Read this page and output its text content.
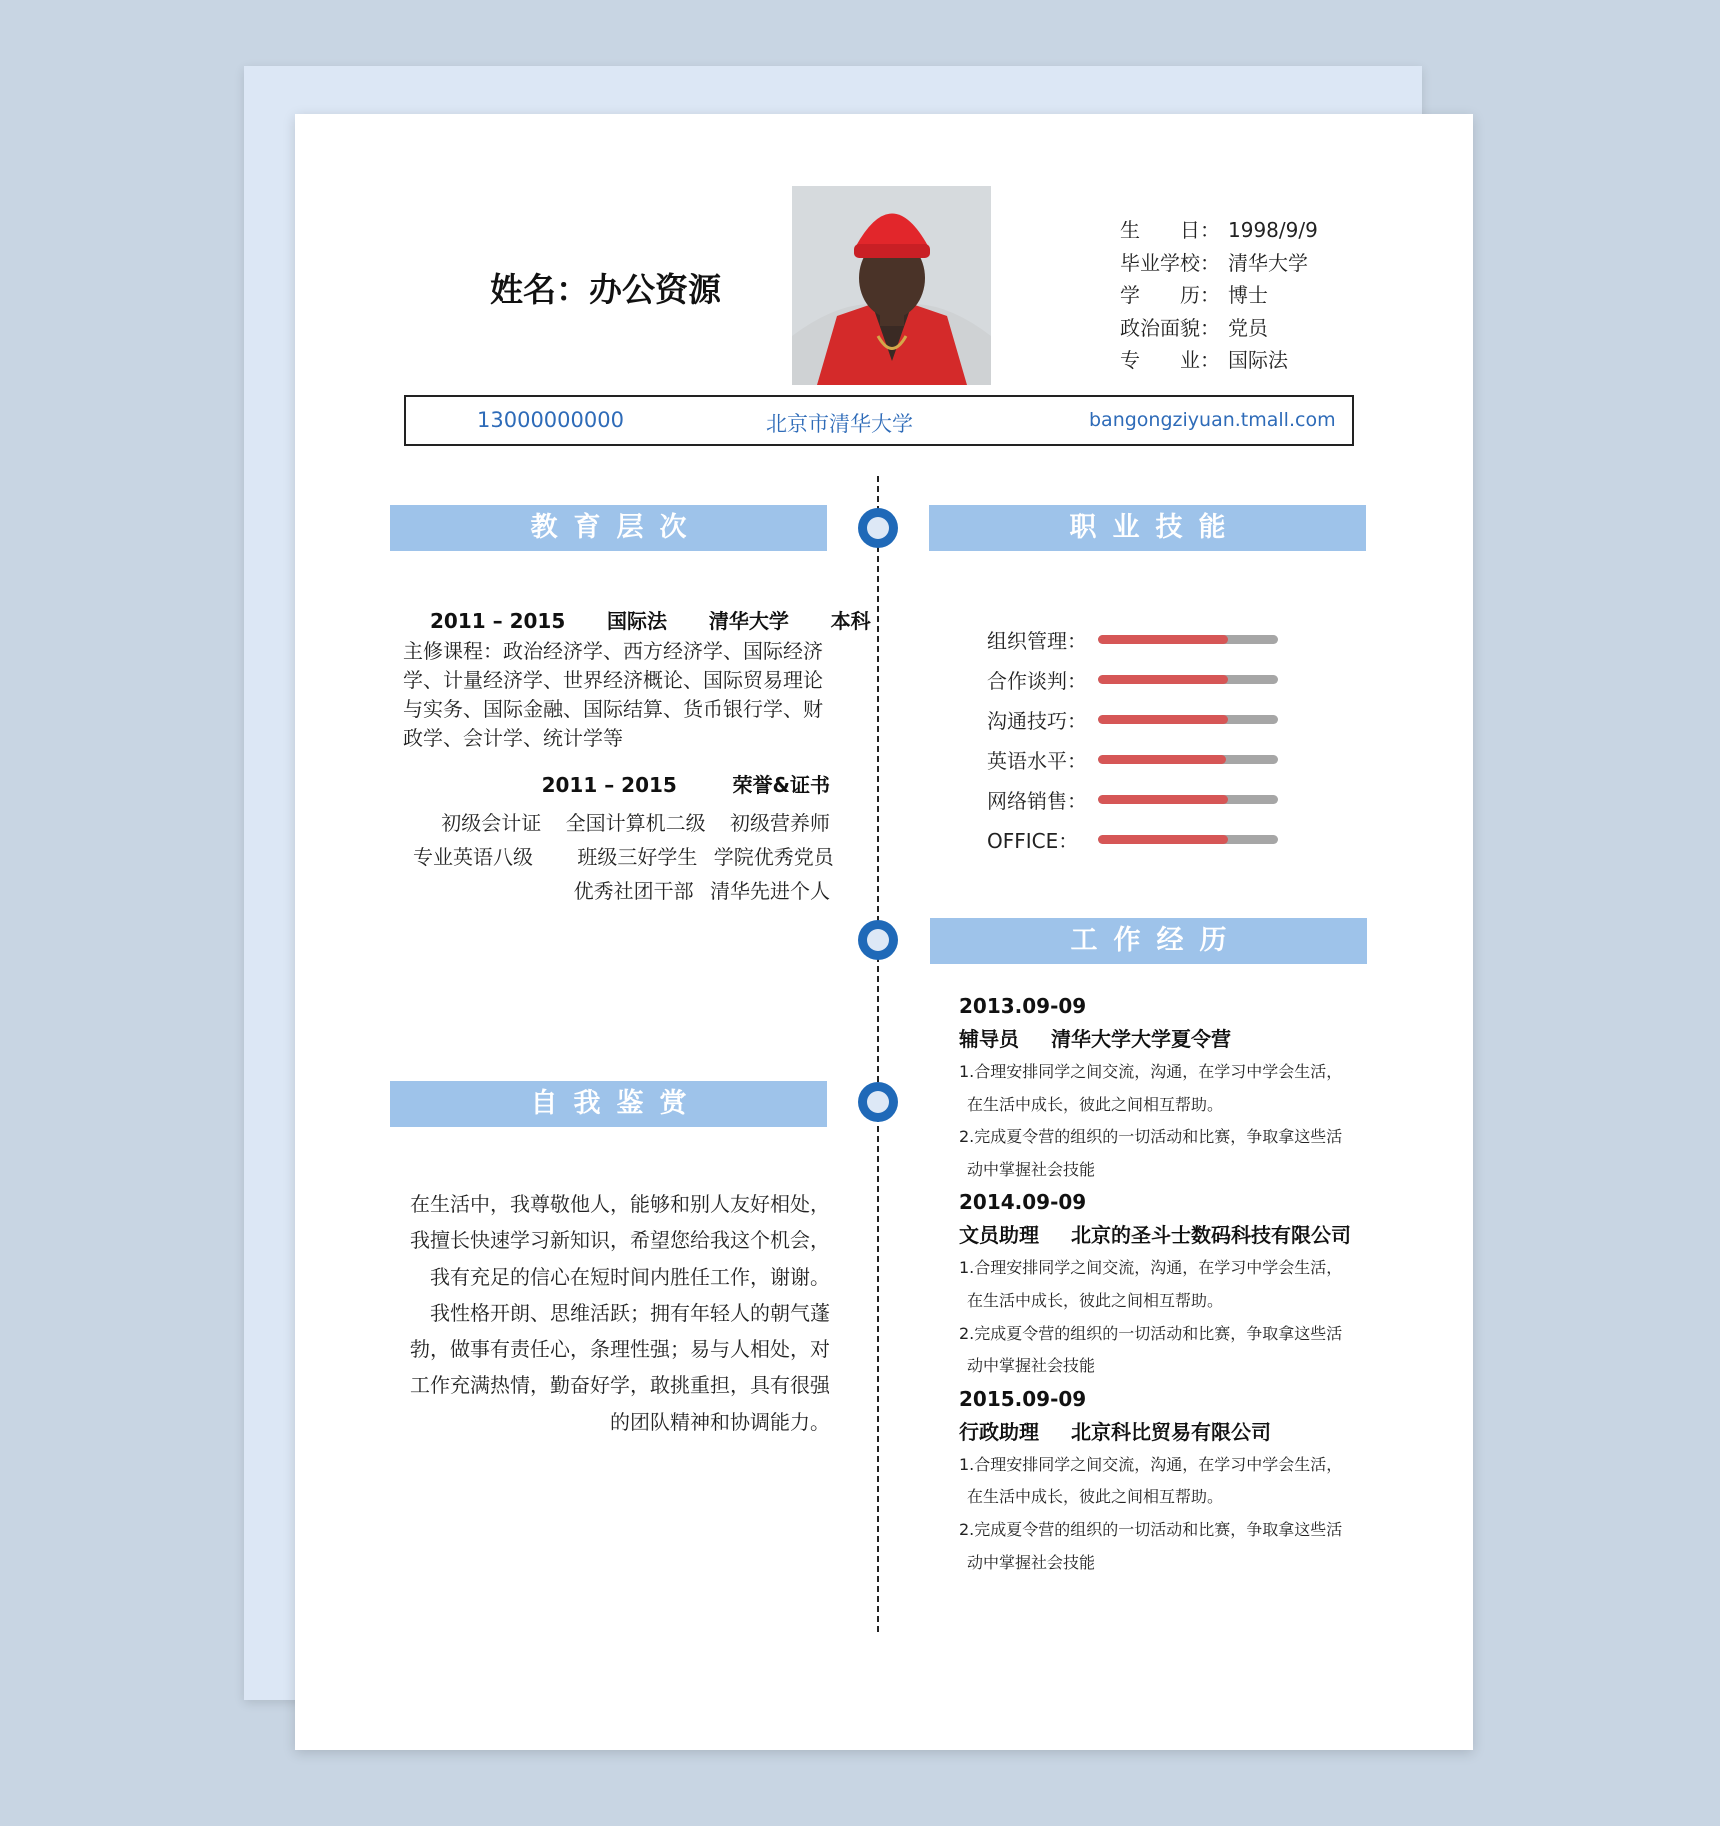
姓名：办公资源
生　　日： 1998/9/9
毕业学校： 清华大学
学　　历： 博士
政治面貌： 党员
专　　业： 国际法
13000000000	北京市清华大学	bangongziyuan.tmall.com
教育层次	职业技能
工作经历
自我鉴赏
2011 – 2015 国际法 清华大学 本科
主修课程：政治经济学、西方经济学、国际经济学、计量经济学、世界经济概论、国际贸易理论与实务、国际金融、国际结算、货币银行学、财政学、会计学、统计学等
2011 – 2015	荣誉&证书
初级会计证 全国计算机二级 初级营养师
专业英语八级 班级三好学生 学院优秀党员
优秀社团干部 清华先进个人
组织管理：
合作谈判：
沟通技巧：
英语水平：
网络销售：
OFFICE：
2013.09-09
辅导员 清华大学大学夏令营
1.合理安排同学之间交流，沟通，在学习中学会生活，
在生活中成长，彼此之间相互帮助。
2.完成夏令营的组织的一切活动和比赛，争取拿这些活
动中掌握社会技能
2014.09-09
文员助理 北京的圣斗士数码科技有限公司
1.合理安排同学之间交流，沟通，在学习中学会生活，
在生活中成长，彼此之间相互帮助。
2.完成夏令营的组织的一切活动和比赛，争取拿这些活
动中掌握社会技能
2015.09-09
行政助理 北京科比贸易有限公司
1.合理安排同学之间交流，沟通，在学习中学会生活，
在生活中成长，彼此之间相互帮助。
2.完成夏令营的组织的一切活动和比赛，争取拿这些活
动中掌握社会技能
在生活中，我尊敬他人，能够和别人友好相处，
我擅长快速学习新知识，希望您给我这个机会，
我有充足的信心在短时间内胜任工作，谢谢。
我性格开朗、思维活跃；拥有年轻人的朝气蓬
勃，做事有责任心，条理性强；易与人相处，对
工作充满热情，勤奋好学，敢挑重担，具有很强
的团队精神和协调能力。
